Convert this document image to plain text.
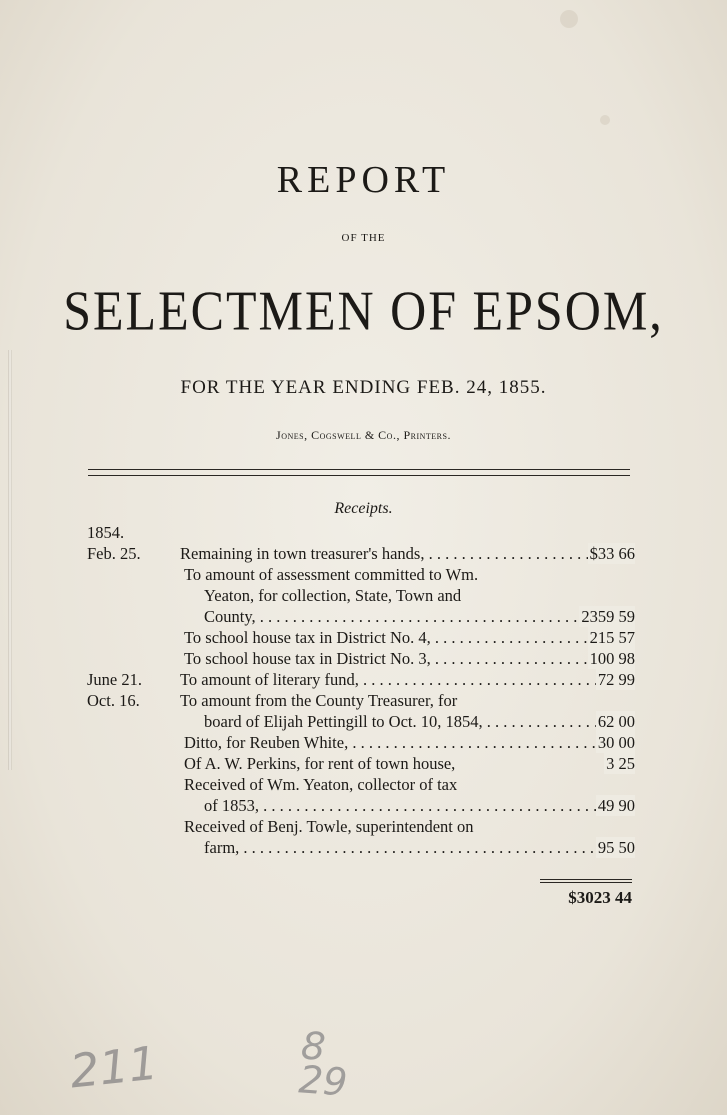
REPORT
OF THE
SELECTMEN OF EPSOM,
FOR THE YEAR ENDING FEB. 24, 1855.
Jones, Cogswell & Co., Printers.
Receipts.
1854.
Feb. 25. Remaining in town treasurer's hands, . . .	$33 66
To amount of assessment committed to Wm.
Yeaton, for collection, State, Town and
County, . . .	2359 59
To school house tax in District No. 4, . . .	215 57
To school house tax in District No. 3, . . .	100 98
June 21. To amount of literary fund, . . .	72 99
Oct. 16. To amount from the County Treasurer, for
board of Elijah Pettingill to Oct. 10, 1854, . . .	62 00
Ditto, for Reuben White, . . .	30 00
Of A. W. Perkins, for rent of town house,	3 25
Received of Wm. Yeaton, collector of tax
of 1853, . . .	49 90
Received of Benj. Towle, superintendent on
farm, . . .	95 50
$3023 44
211	8
29
